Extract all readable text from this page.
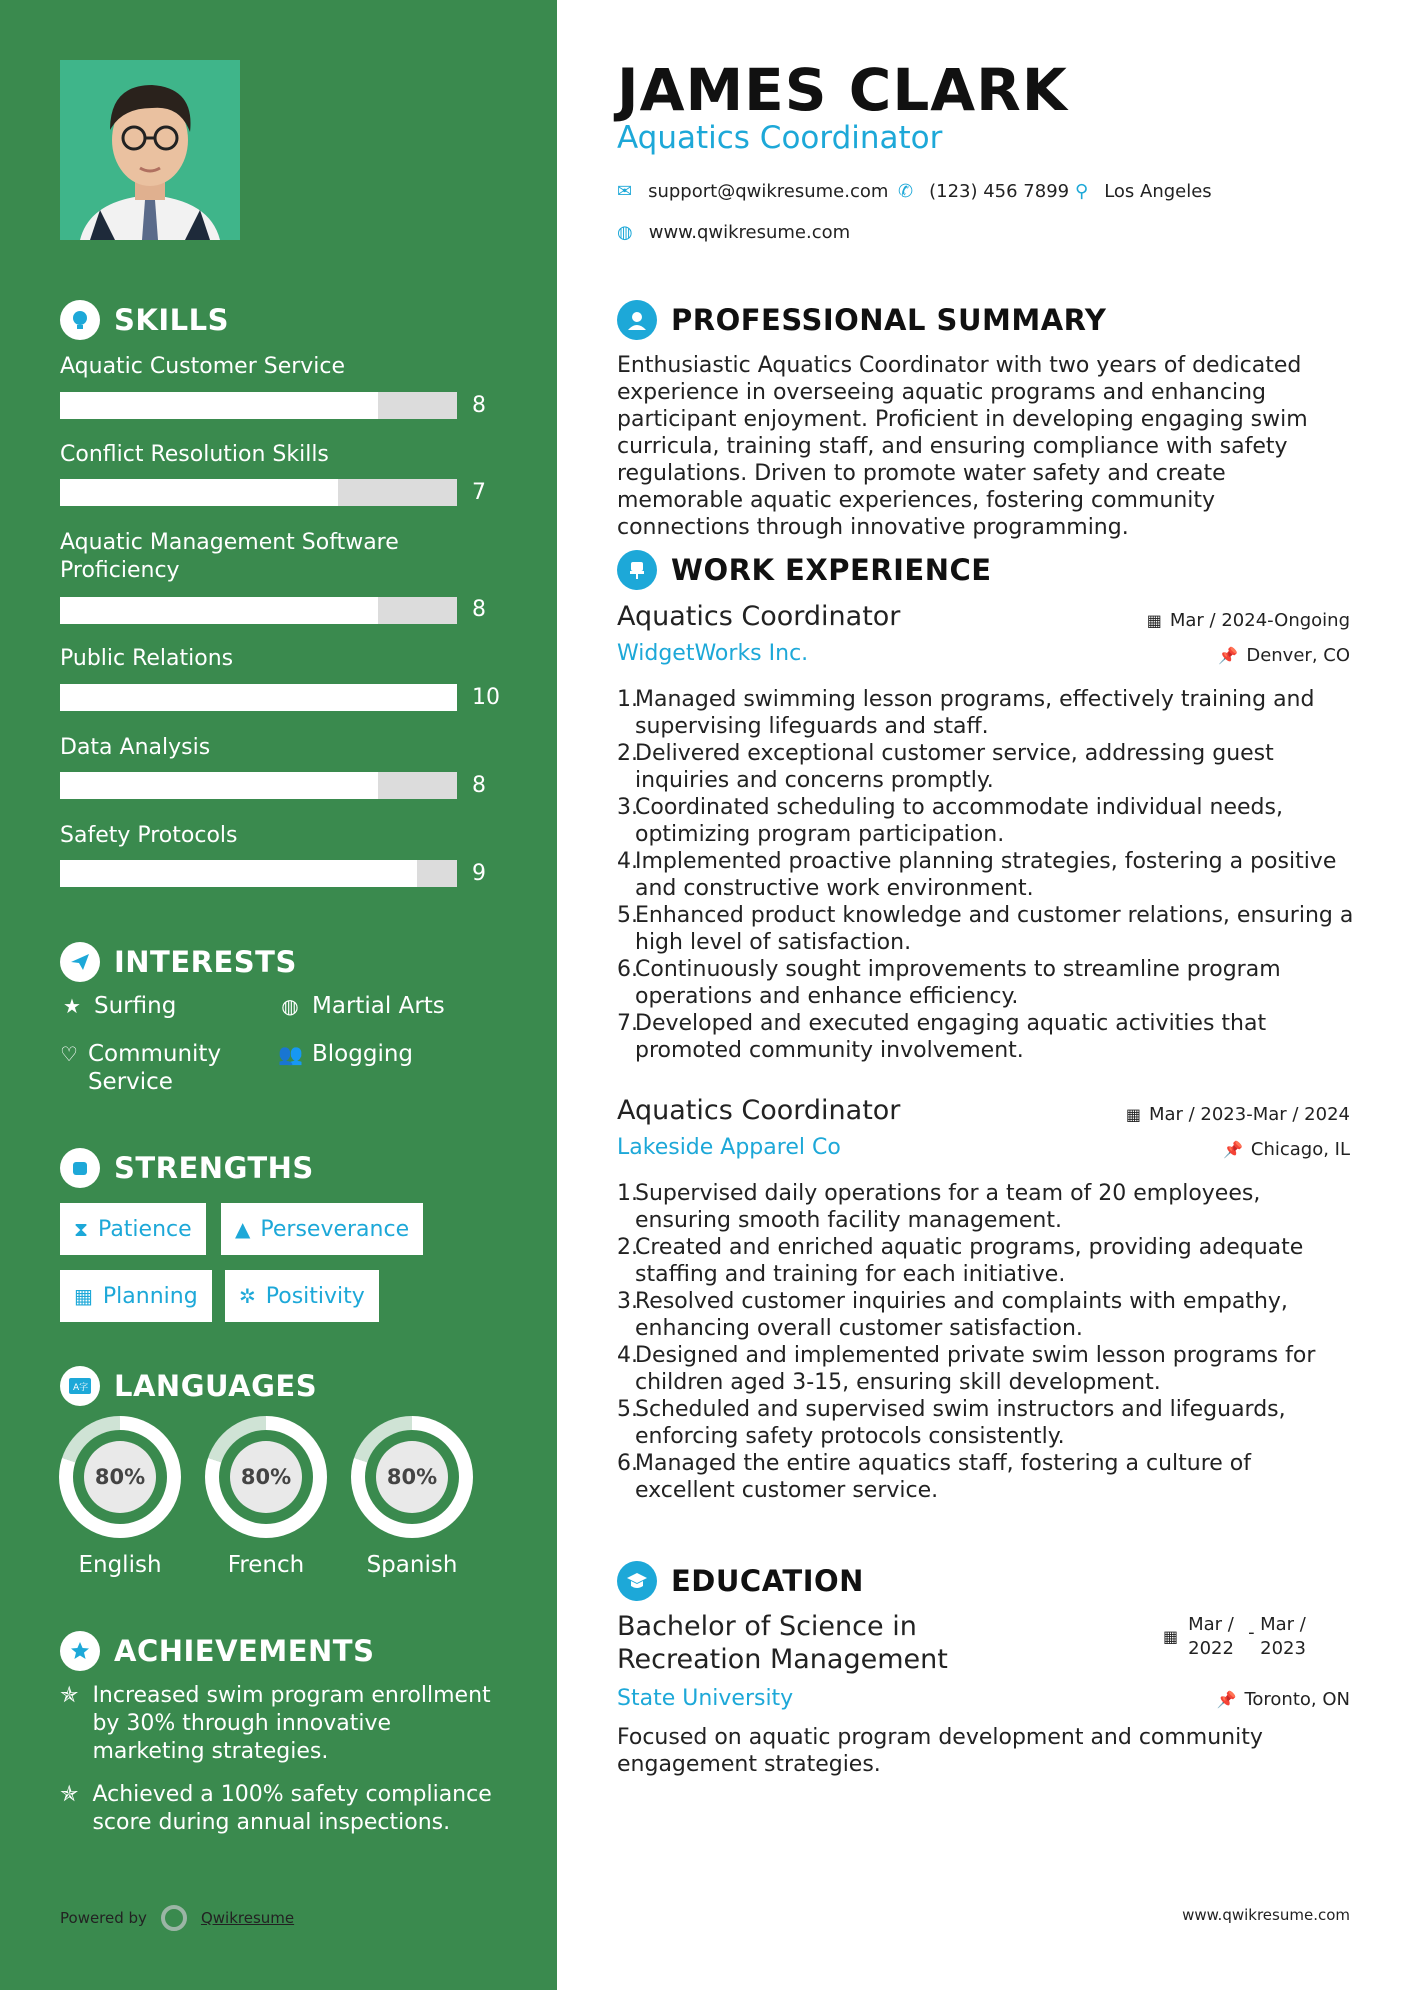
SKILLS
Aquatic Customer Service
8
Conflict Resolution Skills
7
Aquatic Management Software Proficiency
8
Public Relations
10
Data Analysis
8
Safety Protocols
9
INTERESTS
★ Surfing	◍ Martial Arts
♡ Community Service
👥 Blogging
STRENGTHS
⧗ Patience ▲ Perseverance
▦ Planning ✲ Positivity
A字 LANGUAGES
80%
English
80%
French
80%
Spanish
ACHIEVEMENTS
✯ Increased swim program enrollment by 30% through innovative marketing strategies.
✯ Achieved a 100% safety compliance score during annual inspections.
Powered by	Qwikresume
JAMES CLARK
Aquatics Coordinator
✉ support@qwikresume.com ✆ (123) 456 7899 ⚲ Los Angeles
◍ www.qwikresume.com
PROFESSIONAL SUMMARY
Enthusiastic Aquatics Coordinator with two years of dedicated experience in overseeing aquatic programs and enhancing participant enjoyment. Proficient in developing engaging swim curricula, training staff, and ensuring compliance with safety regulations. Driven to promote water safety and create memorable aquatic experiences, fostering community connections through innovative programming.
WORK EXPERIENCE
Aquatics Coordinator	▦ Mar / 2024-Ongoing
WidgetWorks Inc.	📌 Denver, CO
1.
Managed swimming lesson programs, effectively training and supervising lifeguards and staff.
2.
Delivered exceptional customer service, addressing guest inquiries and concerns promptly.
3.
Coordinated scheduling to accommodate individual needs, optimizing program participation.
4.
Implemented proactive planning strategies, fostering a positive and constructive work environment.
5.
Enhanced product knowledge and customer relations, ensuring a high level of satisfaction.
6.
Continuously sought improvements to streamline program operations and enhance efficiency.
7.
Developed and executed engaging aquatic activities that promoted community involvement.
Aquatics Coordinator	▦ Mar / 2023-Mar / 2024
Lakeside Apparel Co	📌 Chicago, IL
1.
Supervised daily operations for a team of 20 employees, ensuring smooth facility management.
2.
Created and enriched aquatic programs, providing adequate staffing and training for each initiative.
3.
Resolved customer inquiries and complaints with empathy, enhancing overall customer satisfaction.
4.
Designed and implemented private swim lesson programs for children aged 3-15, ensuring skill development.
5.
Scheduled and supervised swim instructors and lifeguards, enforcing safety protocols consistently.
6.
Managed the entire aquatics staff, fostering a culture of excellent customer service.
EDUCATION
Bachelor of Science in Recreation Management
▦
Mar / 2022
- Mar / 2023
State University	📌 Toronto, ON
Focused on aquatic program development and community engagement strategies.
www.qwikresume.com
